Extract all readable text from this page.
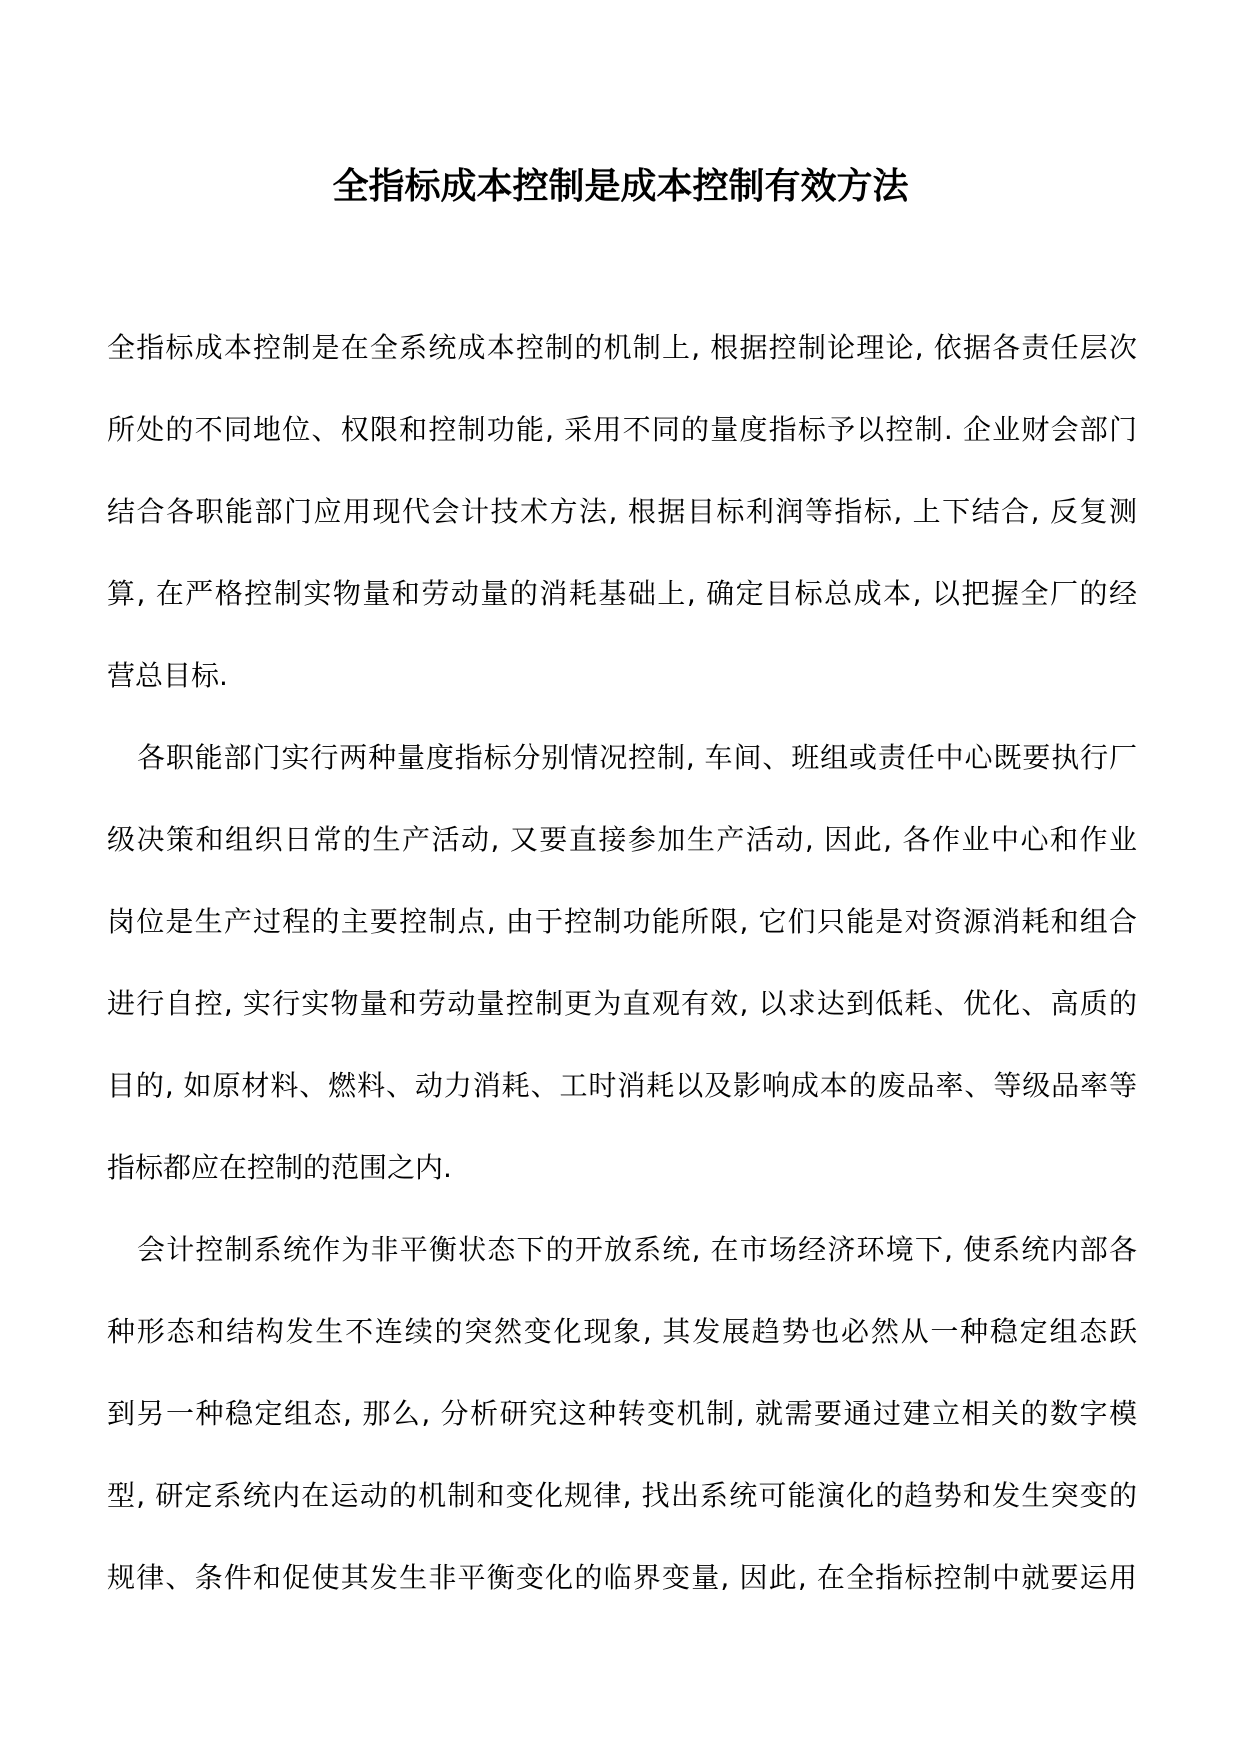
全指标成本控制是成本控制有效方法
全指标成本控制是在全系统成本控制的机制上, 根据控制论理论, 依据各责任层次
所处的不同地位、权限和控制功能, 采用不同的量度指标予以控制. 企业财会部门
结合各职能部门应用现代会计技术方法, 根据目标利润等指标, 上下结合, 反复测
算, 在严格控制实物量和劳动量的消耗基础上, 确定目标总成本, 以把握全厂的经
营总目标.
各职能部门实行两种量度指标分别情况控制, 车间、班组或责任中心既要执行厂
级决策和组织日常的生产活动, 又要直接参加生产活动, 因此, 各作业中心和作业
岗位是生产过程的主要控制点, 由于控制功能所限, 它们只能是对资源消耗和组合
进行自控, 实行实物量和劳动量控制更为直观有效, 以求达到低耗、优化、高质的
目的, 如原材料、燃料、动力消耗、工时消耗以及影响成本的废品率、等级品率等
指标都应在控制的范围之内.
会计控制系统作为非平衡状态下的开放系统, 在市场经济环境下, 使系统内部各
种形态和结构发生不连续的突然变化现象, 其发展趋势也必然从一种稳定组态跃
到另一种稳定组态, 那么, 分析研究这种转变机制, 就需要通过建立相关的数字模
型, 研定系统内在运动的机制和变化规律, 找出系统可能演化的趋势和发生突变的
规律、条件和促使其发生非平衡变化的临界变量, 因此, 在全指标控制中就要运用
